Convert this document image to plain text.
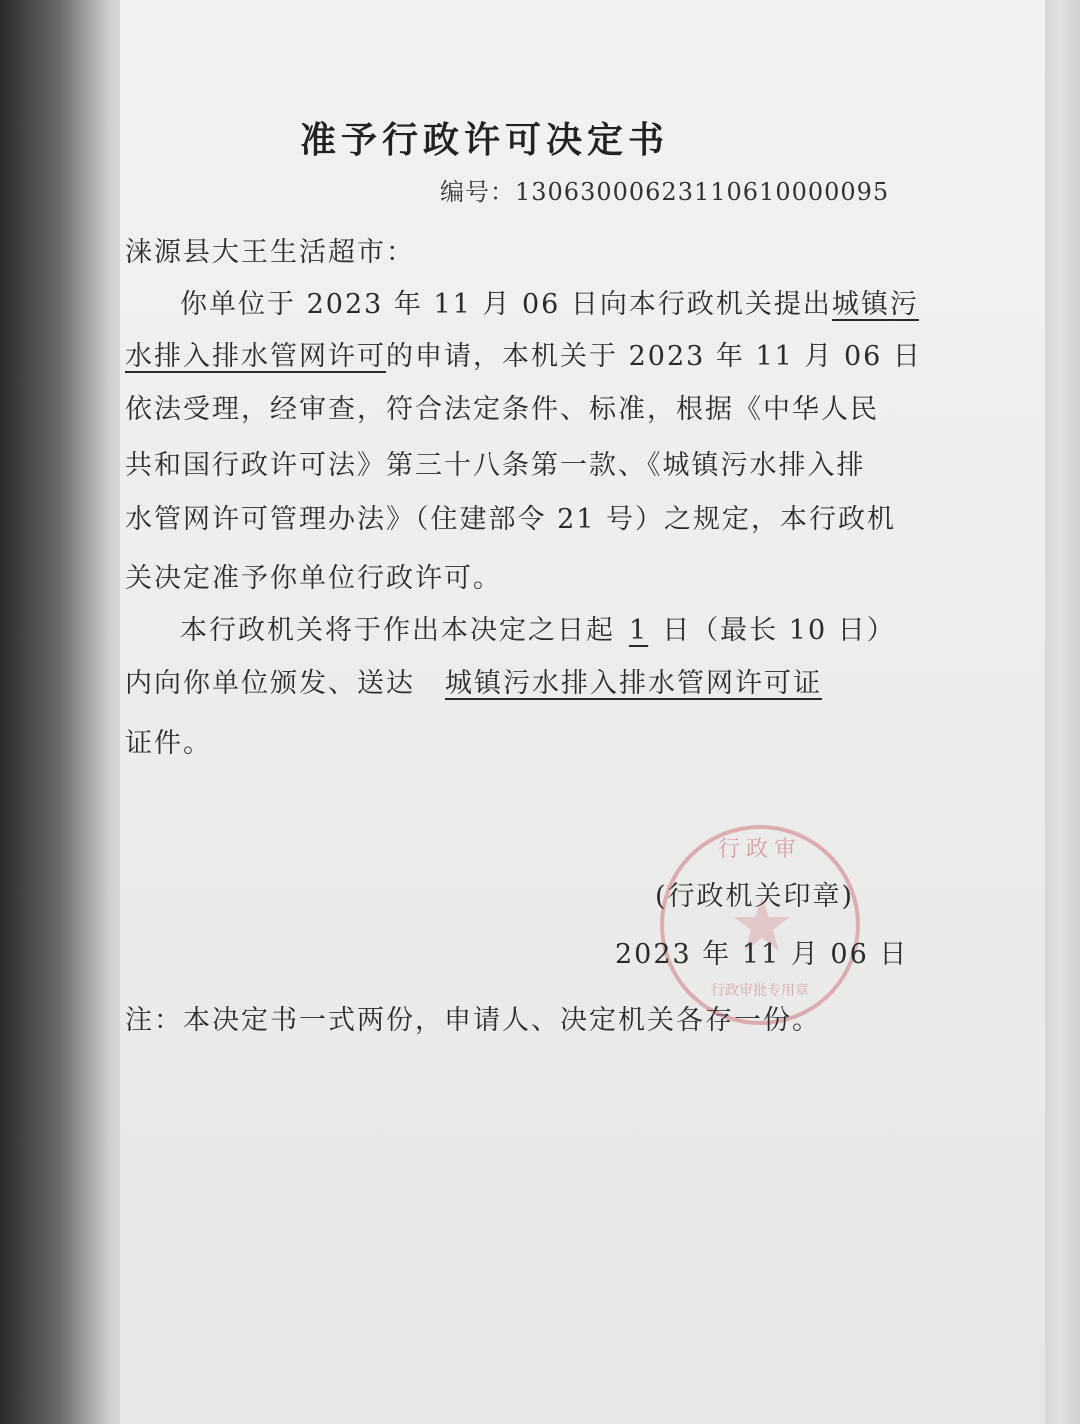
准予行政许可决定书
编号：13063000623110610000095
涞源县大王生活超市：
你单位于 2023 年 11 月 06 日向本行政机关提出城镇污
水排入排水管网许可的申请，本机关于 2023 年 11 月 06 日
依法受理，经审查，符合法定条件、标准，根据《中华人民
共和国行政许可法》第三十八条第一款、《城镇污水排入排
水管网许可管理办法》（住建部令 21 号）之规定，本行政机
关决定准予你单位行政许可。
本行政机关将于作出本决定之日起 1 日（最长 10 日）
内向你单位颁发、送达 城镇污水排入排水管网许可证
证件。
行政审
行政审批专用章
(行政机关印章)
2023 年 11 月 06 日
注：本决定书一式两份，申请人、决定机关各存一份。
